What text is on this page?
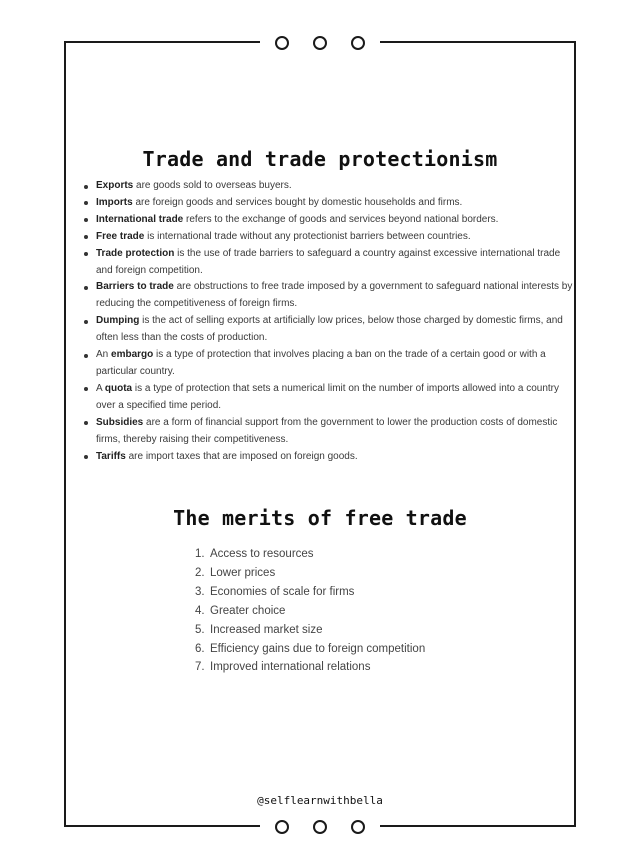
Trade and trade protectionism
Exports are goods sold to overseas buyers.
Imports are foreign goods and services bought by domestic households and firms.
International trade refers to the exchange of goods and services beyond national borders.
Free trade is international trade without any protectionist barriers between countries.
Trade protection is the use of trade barriers to safeguard a country against excessive international trade and foreign competition.
Barriers to trade are obstructions to free trade imposed by a government to safeguard national interests by reducing the competitiveness of foreign firms.
Dumping is the act of selling exports at artificially low prices, below those charged by domestic firms, and often less than the costs of production.
An embargo is a type of protection that involves placing a ban on the trade of a certain good or with a particular country.
A quota is a type of protection that sets a numerical limit on the number of imports allowed into a country over a specified time period.
Subsidies are a form of financial support from the government to lower the production costs of domestic firms, thereby raising their competitiveness.
Tariffs are import taxes that are imposed on foreign goods.
The merits of free trade
1. Access to resources
2. Lower prices
3. Economies of scale for firms
4. Greater choice
5. Increased market size
6. Efficiency gains due to foreign competition
7. Improved international relations
@selflearnwithbella
